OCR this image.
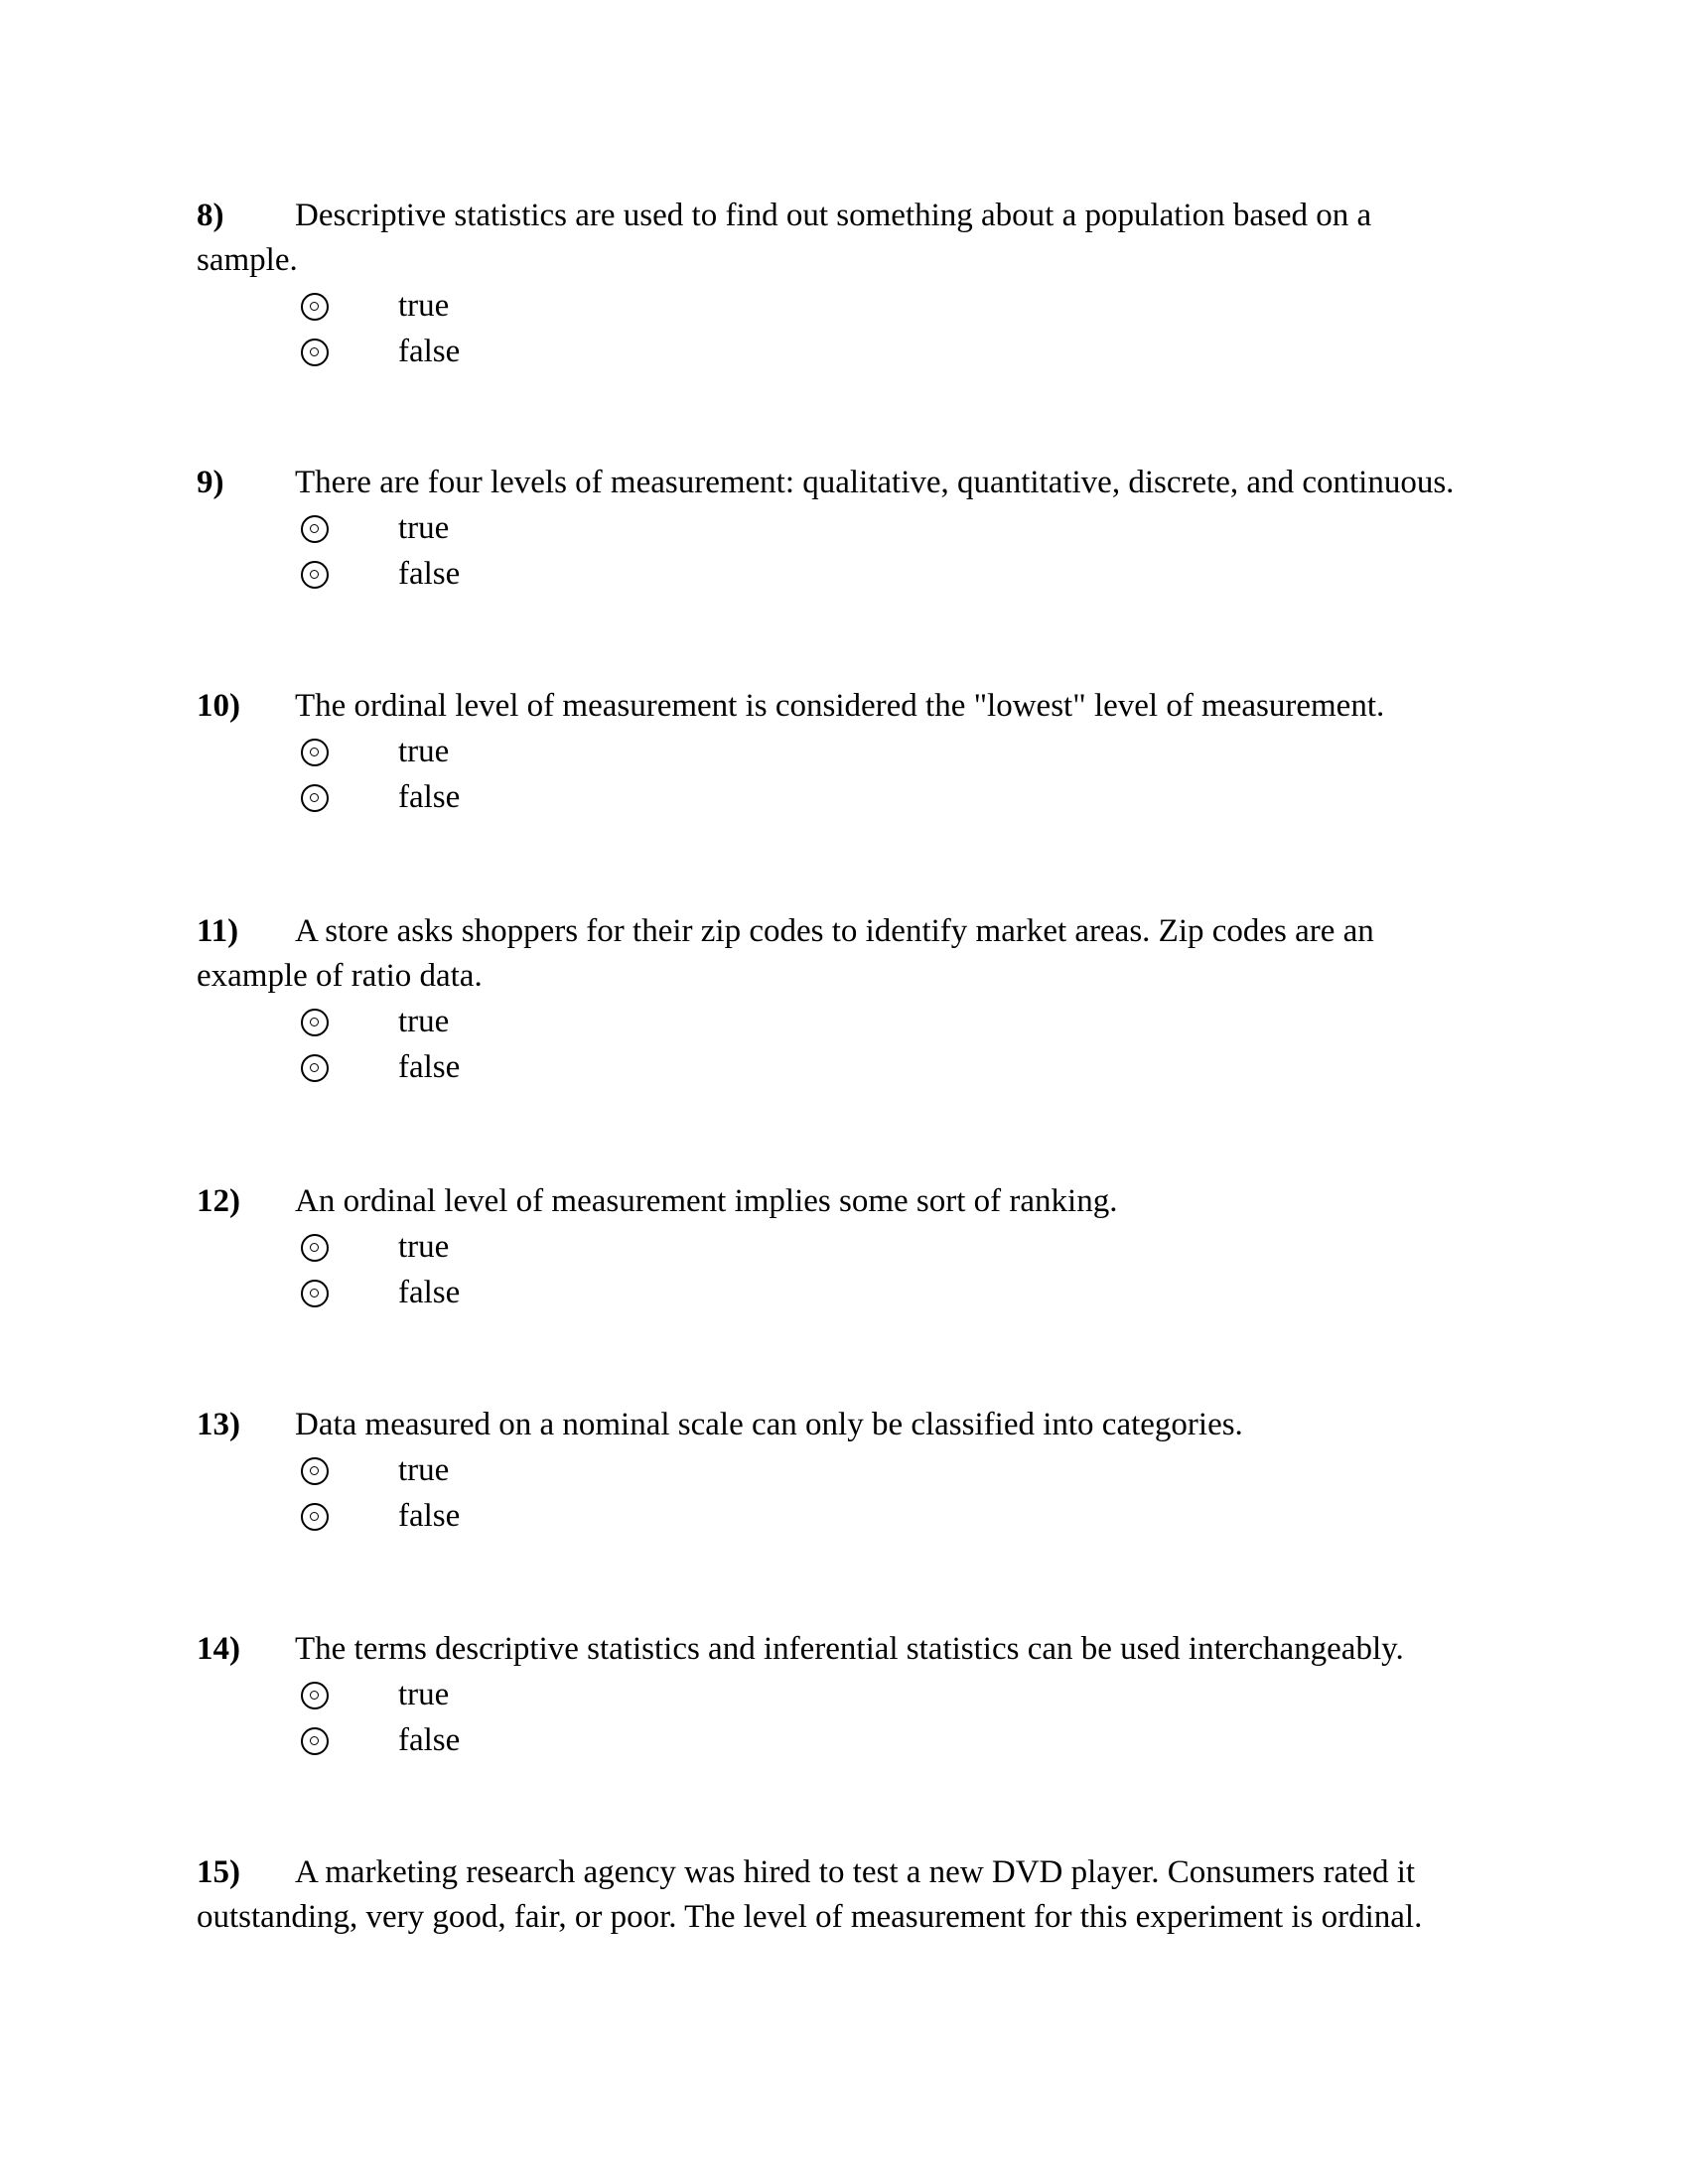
8) Descriptive statistics are used to find out something about a population based on a
sample.
true
false
9) There are four levels of measurement: qualitative, quantitative, discrete, and continuous.
true
false
10) The ordinal level of measurement is considered the "lowest" level of measurement.
true
false
11) A store asks shoppers for their zip codes to identify market areas. Zip codes are an
example of ratio data.
true
false
12) An ordinal level of measurement implies some sort of ranking.
true
false
13) Data measured on a nominal scale can only be classified into categories.
true
false
14) The terms descriptive statistics and inferential statistics can be used interchangeably.
true
false
15) A marketing research agency was hired to test a new DVD player. Consumers rated it
outstanding, very good, fair, or poor. The level of measurement for this experiment is ordinal.
